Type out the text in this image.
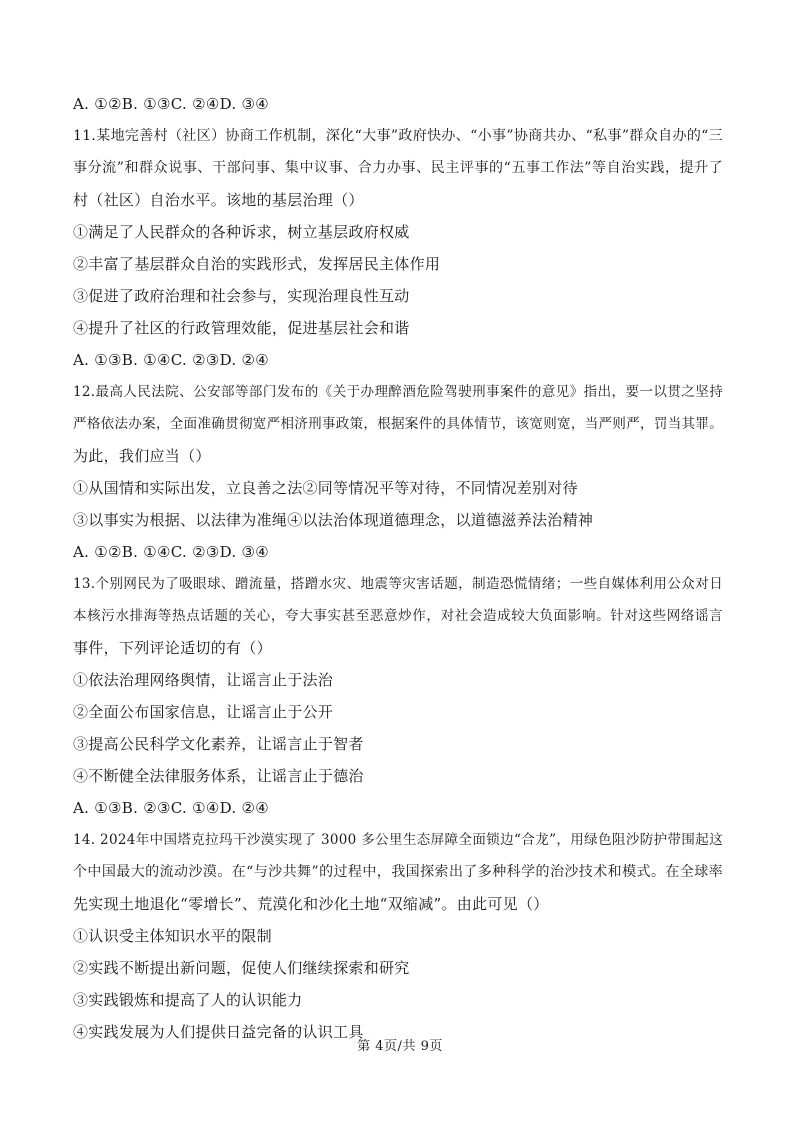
A. ①②B. ①③C. ②④D. ③④
11.某地完善村（社区）协商工作机制，深化“大事”政府快办、“小事”协商共办、“私事”群众自办的“三
事分流”和群众说事、干部问事、集中议事、合力办事、民主评事的“五事工作法”等自治实践，提升了
村（社区）自治水平。该地的基层治理（）
①满足了人民群众的各种诉求，树立基层政府权威
②丰富了基层群众自治的实践形式，发挥居民主体作用
③促进了政府治理和社会参与，实现治理良性互动
④提升了社区的行政管理效能，促进基层社会和谐
A. ①③B. ①④C. ②③D. ②④
12.最高人民法院、公安部等部门发布的《关于办理醉酒危险驾驶刑事案件的意见》指出，要一以贯之坚持
严格依法办案，全面准确贯彻宽严相济刑事政策，根据案件的具体情节，该宽则宽，当严则严，罚当其罪。
为此，我们应当（）
①从国情和实际出发，立良善之法②同等情况平等对待，不同情况差别对待
③以事实为根据、以法律为准绳④以法治体现道德理念，以道德滋养法治精神
A. ①②B. ①④C. ②③D. ③④
13.个别网民为了吸眼球、蹭流量，搭蹭水灾、地震等灾害话题，制造恐慌情绪；一些自媒体利用公众对日
本核污水排海等热点话题的关心，夸大事实甚至恶意炒作，对社会造成较大负面影响。针对这些网络谣言
事件，下列评论适切的有（）
①依法治理网络舆情，让谣言止于法治
②全面公布国家信息，让谣言止于公开
③提高公民科学文化素养，让谣言止于智者
④不断健全法律服务体系，让谣言止于德治
A. ①③B. ②③C. ①④D. ②④
14. 2024年中国塔克拉玛干沙漠实现了 3000 多公里生态屏障全面锁边“合龙”，用绿色阻沙防护带围起这
个中国最大的流动沙漠。在“与沙共舞”的过程中，我国探索出了多种科学的治沙技术和模式。在全球率
先实现土地退化“零增长”、荒漠化和沙化土地“双缩减”。由此可见（）
①认识受主体知识水平的限制
②实践不断提出新问题，促使人们继续探索和研究
③实践锻炼和提高了人的认识能力
④实践发展为人们提供日益完备的认识工具
第 4页/共 9页
